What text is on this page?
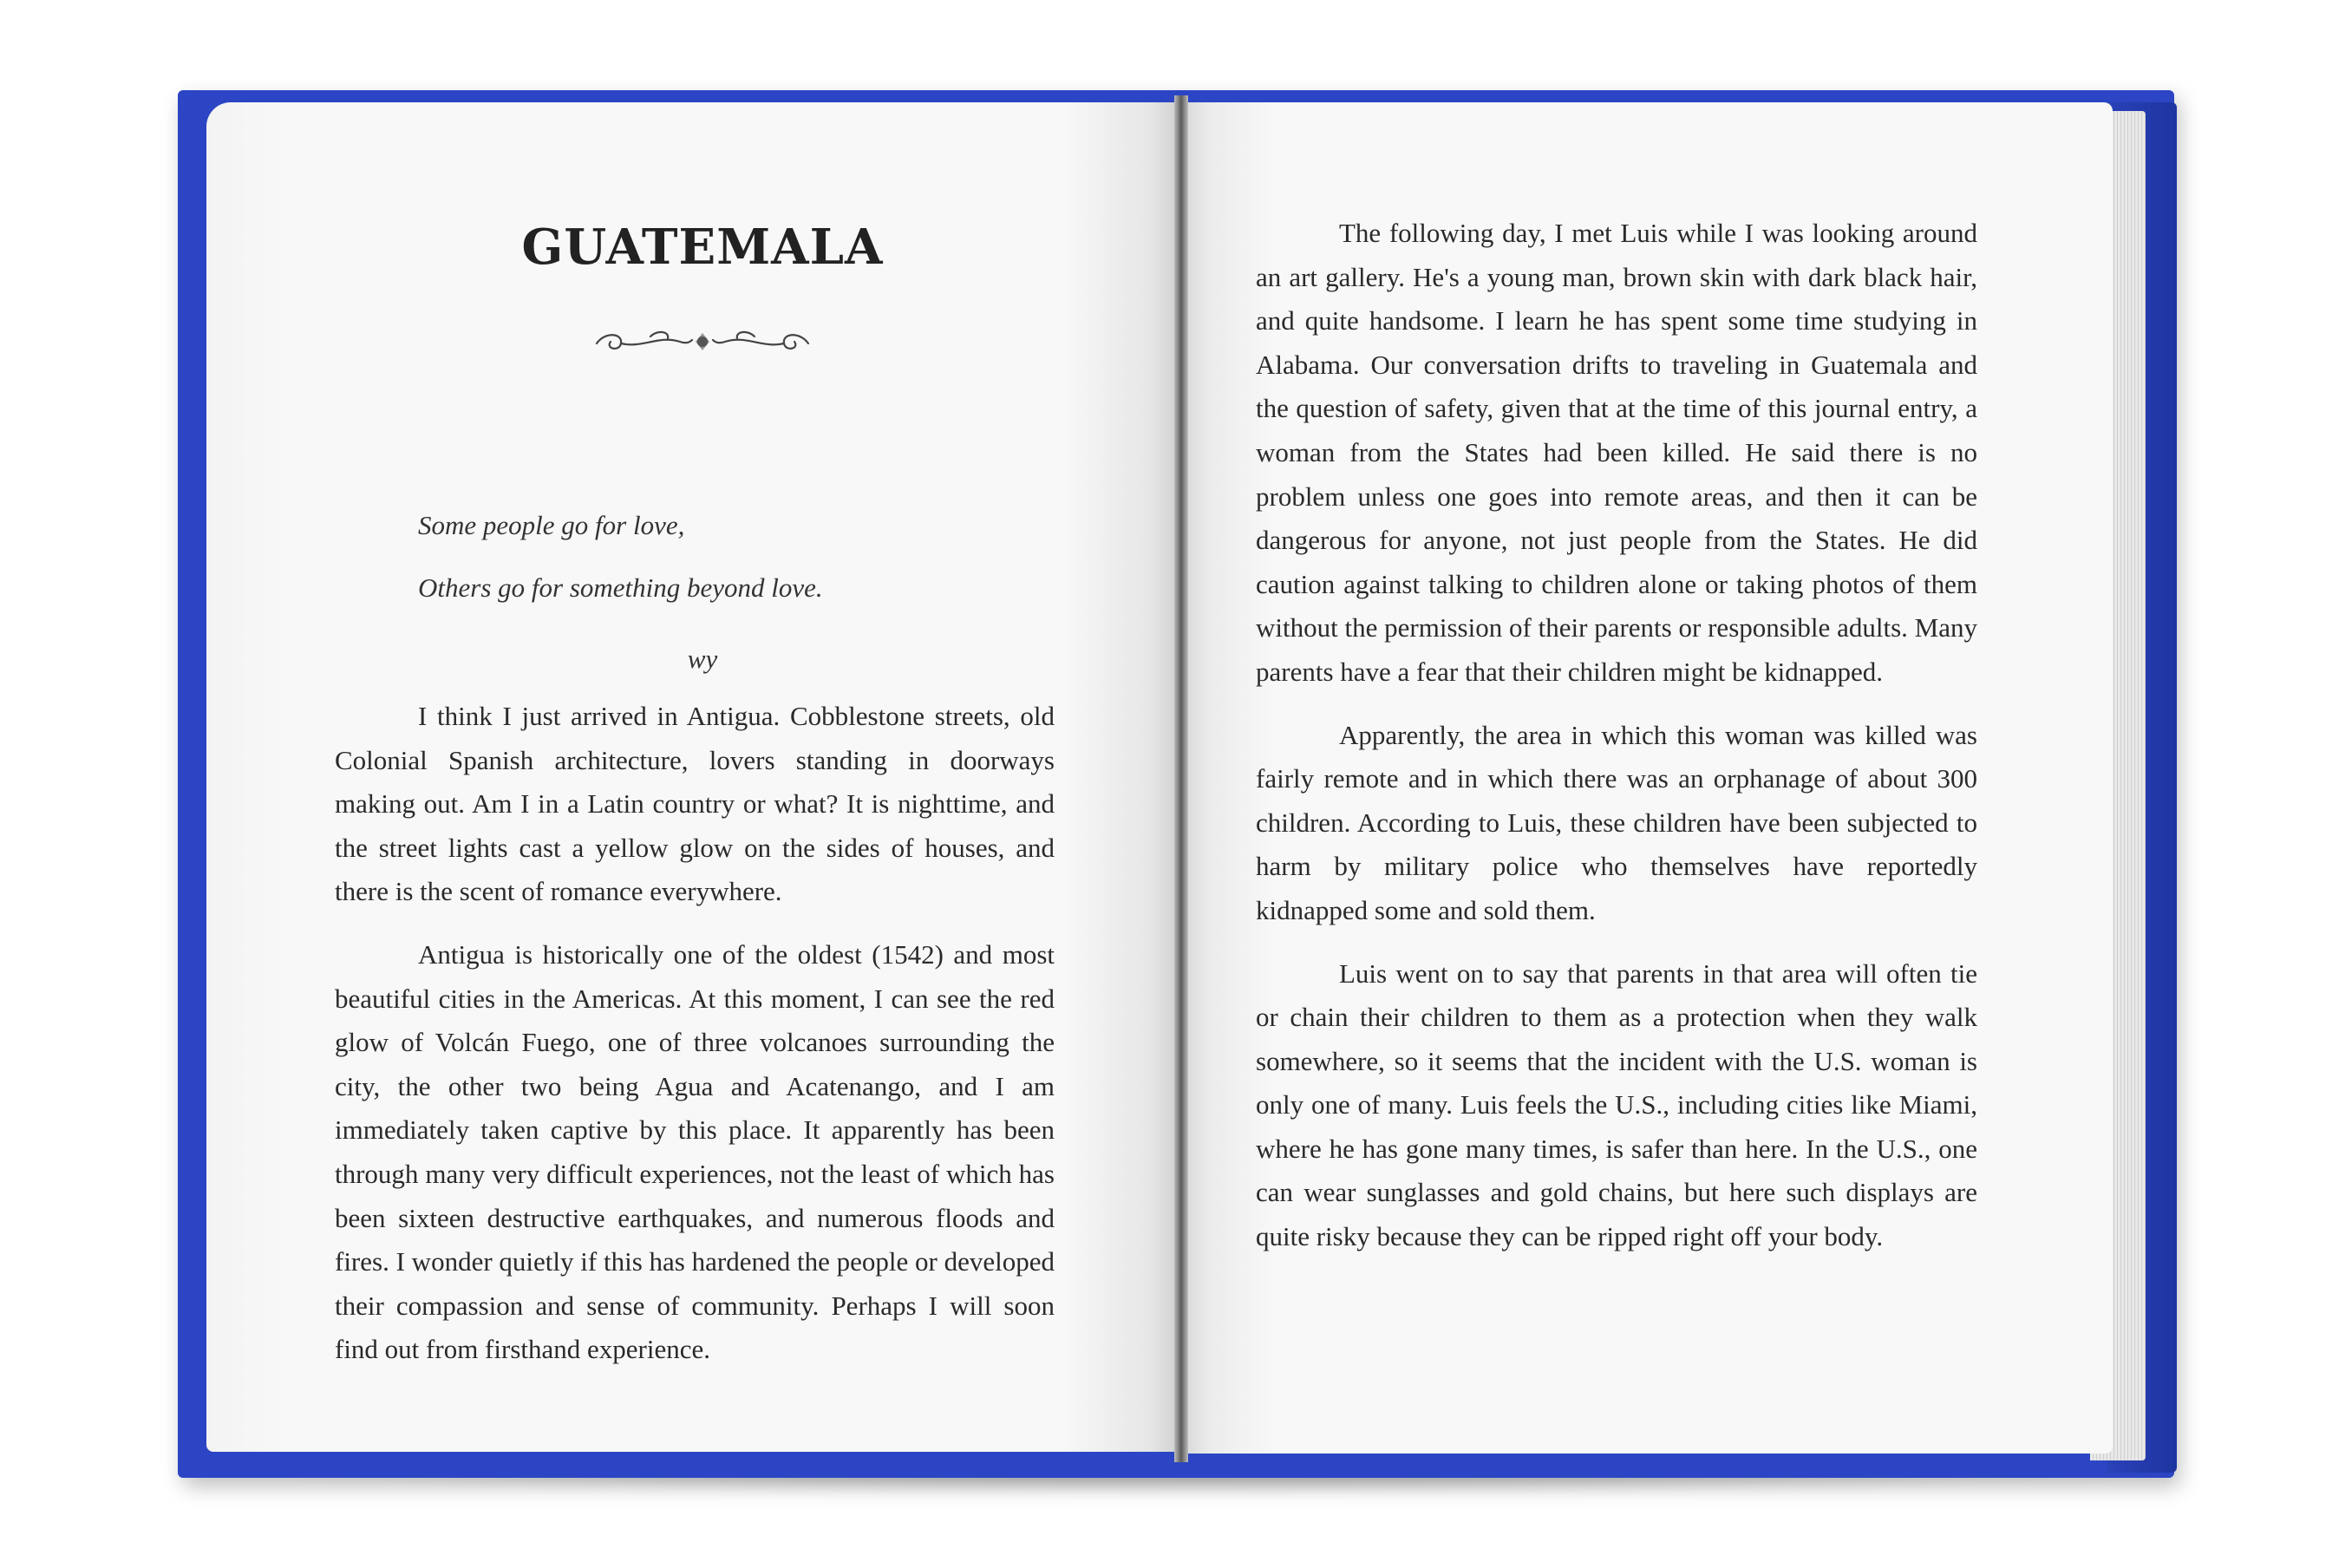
GUATEMALA
Some people go for love,
Others go for something beyond love.
wy

I think I just arrived in Antigua. Cobblestone streets, old Colonial Spanish architecture, lovers standing in doorways making out. Am I in a Latin country or what? It is nighttime, and the street lights cast a yellow glow on the sides of houses, and there is the scent of romance everywhere.

Antigua is historically one of the oldest (1542) and most beautiful cities in the Americas. At this moment, I can see the red glow of Volcán Fuego, one of three volcanoes surrounding the city, the other two being Agua and Acatenango, and I am immediately taken captive by this place. It apparently has been through many very difficult experiences, not the least of which has been sixteen destructive earthquakes, and numerous floods and fires. I wonder quietly if this has hardened the people or developed their compassion and sense of community. Perhaps I will soon find out from firsthand experience.

The following day, I met Luis while I was looking around an art gallery. He's a young man, brown skin with dark black hair, and quite handsome. I learn he has spent some time studying in Alabama. Our conversation drifts to traveling in Guatemala and the question of safety, given that at the time of this journal entry, a woman from the States had been killed. He said there is no problem unless one goes into remote areas, and then it can be dangerous for anyone, not just people from the States. He did caution against talking to children alone or taking photos of them without the permission of their parents or responsible adults. Many parents have a fear that their children might be kidnapped.

Apparently, the area in which this woman was killed was fairly remote and in which there was an orphanage of about 300 children. According to Luis, these children have been subjected to harm by military police who themselves have reportedly kidnapped some and sold them.

Luis went on to say that parents in that area will often tie or chain their children to them as a protection when they walk somewhere, so it seems that the incident with the U.S. woman is only one of many. Luis feels the U.S., including cities like Miami, where he has gone many times, is safer than here. In the U.S., one can wear sunglasses and gold chains, but here such displays are quite risky because they can be ripped right off your body.
